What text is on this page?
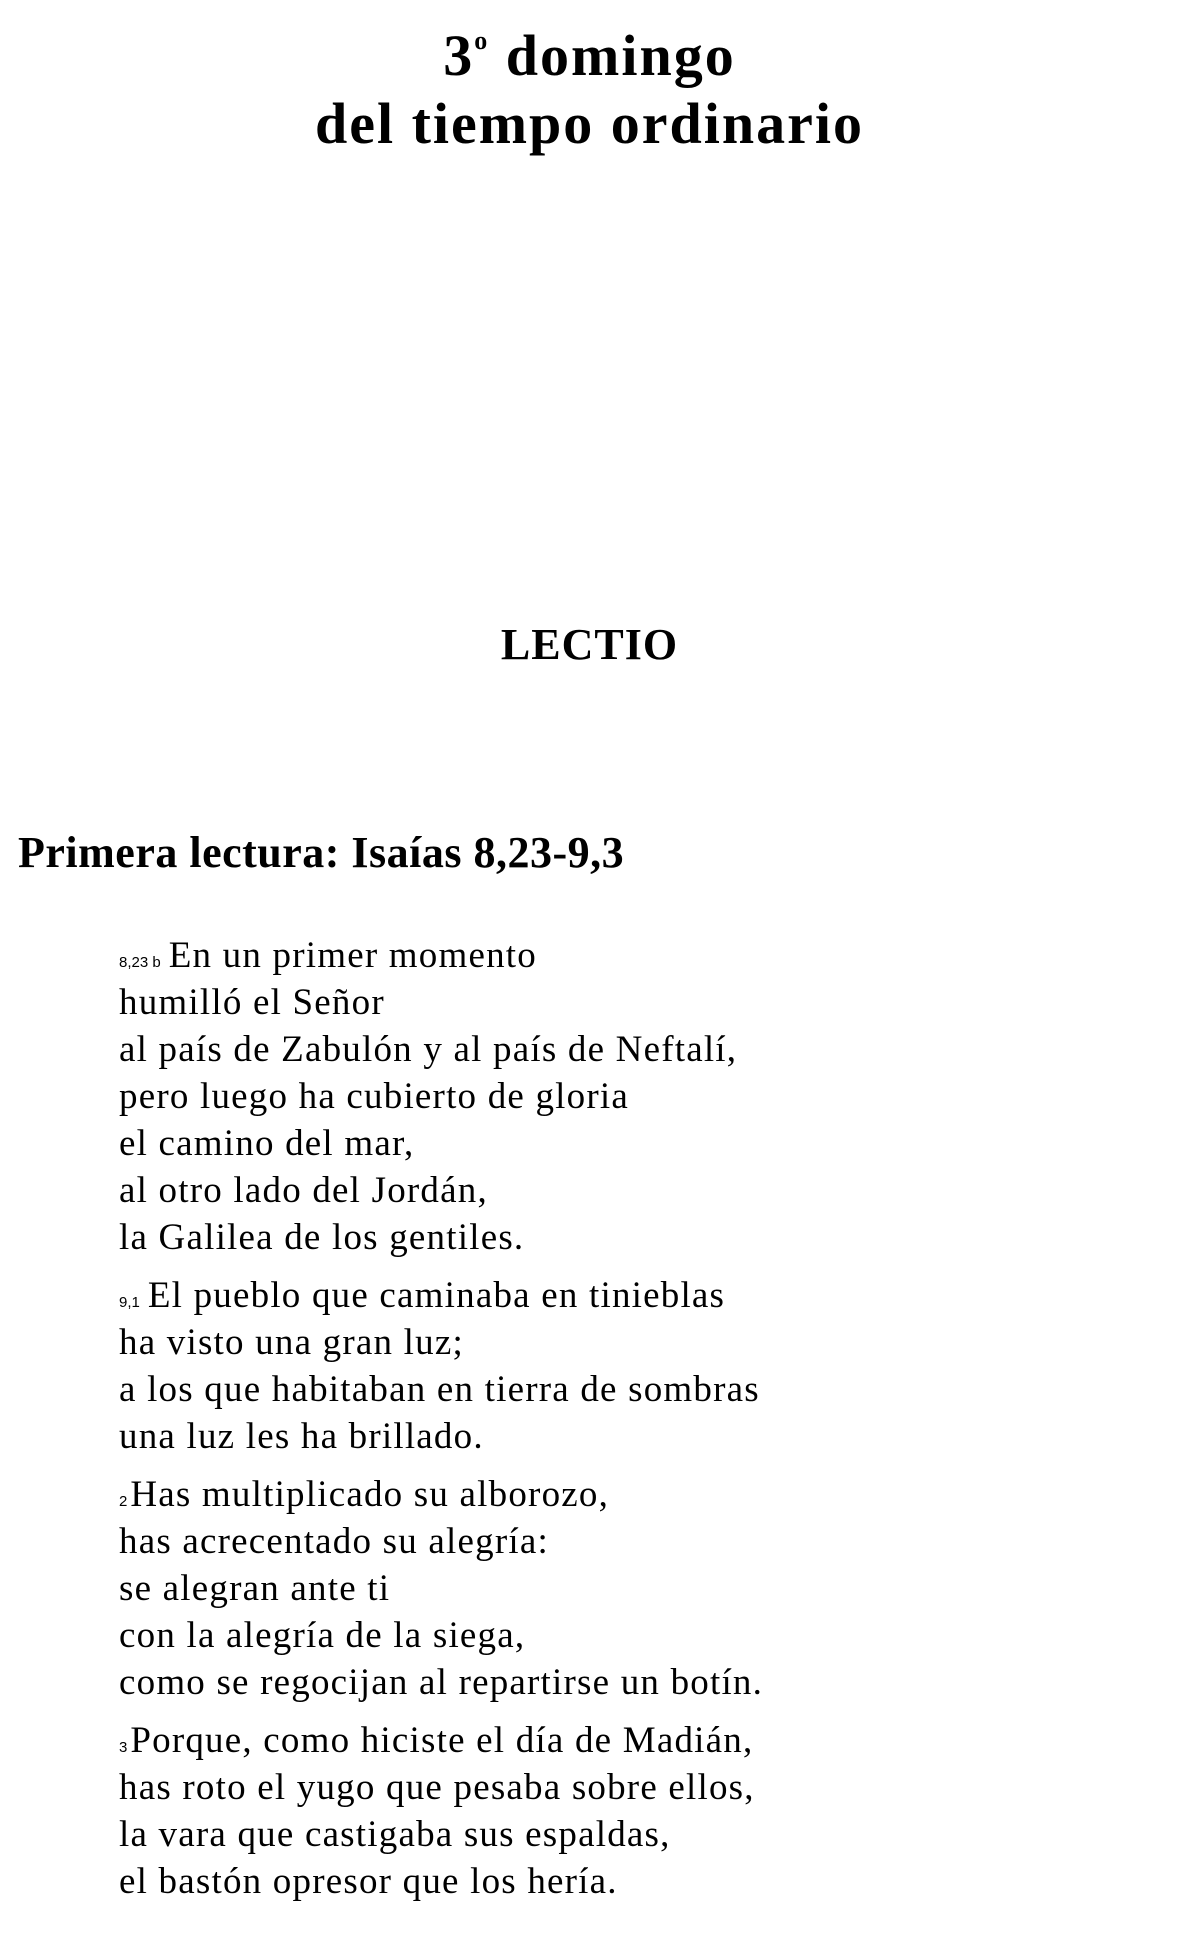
3$^o$ domingo
del tiempo ordinario
LECTIO
Primera lectura: Isaías 8,23-9,3
8,23 b En un primer momento
humilló el Señor
al país de Zabulón y al país de Neftalí,
pero luego ha cubierto de gloria
el camino del mar,
al otro lado del Jordán,
la Galilea de los gentiles.
9,1 El pueblo que caminaba en tinieblas
ha visto una gran luz;
a los que habitaban en tierra de sombras
una luz les ha brillado.
2Has multiplicado su alborozo,
has acrecentado su alegría:
se alegran ante ti
con la alegría de la siega,
como se regocijan al repartirse un botín.
3Porque, como hiciste el día de Madián,
has roto el yugo que pesaba sobre ellos,
la vara que castigaba sus espaldas,
el bastón opresor que los hería.
